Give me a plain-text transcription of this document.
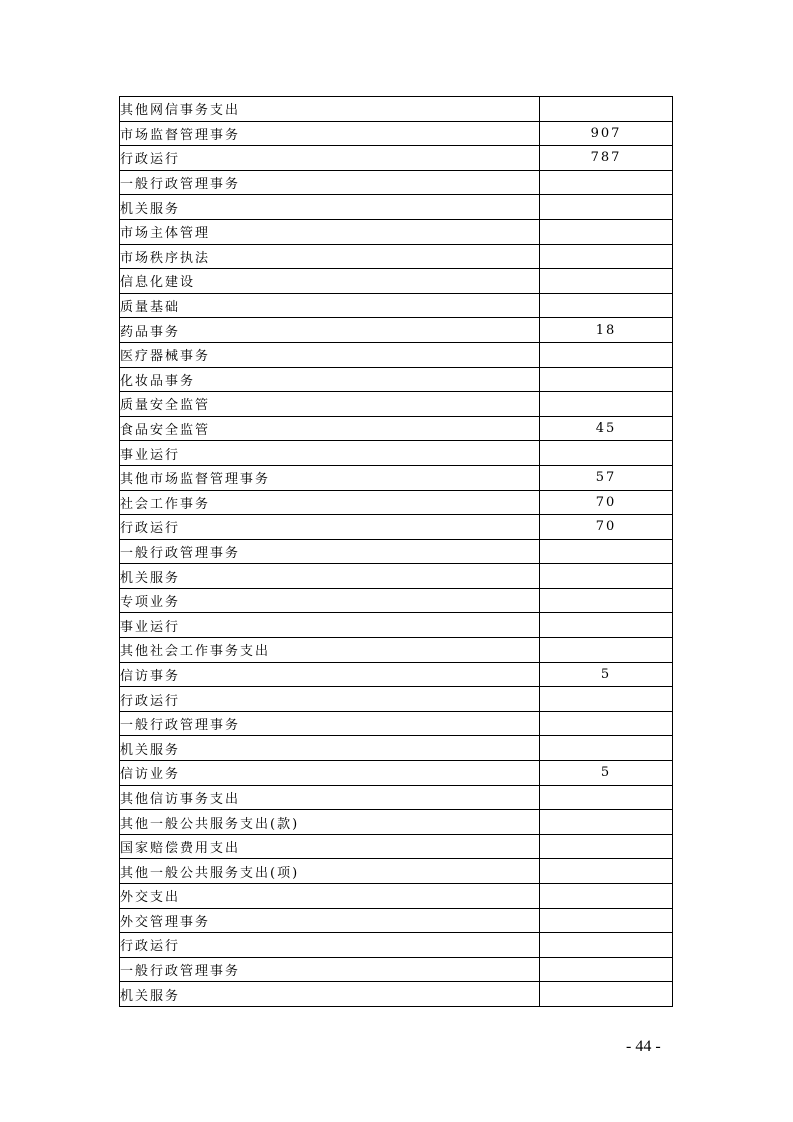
其他网信事务支出	
市场监督管理事务	907
行政运行	787
一般行政管理事务	
机关服务	
市场主体管理	
市场秩序执法	
信息化建设	
质量基础	
药品事务	18
医疗器械事务	
化妆品事务	
质量安全监管	
食品安全监管	45
事业运行	
其他市场监督管理事务	57
社会工作事务	70
行政运行	70
一般行政管理事务	
机关服务	
专项业务	
事业运行	
其他社会工作事务支出	
信访事务	5
行政运行	
一般行政管理事务	
机关服务	
信访业务	5
其他信访事务支出	
其他一般公共服务支出(款)	
国家赔偿费用支出	
其他一般公共服务支出(项)	
外交支出	
外交管理事务	
行政运行	
一般行政管理事务	
机关服务	
- 44 -
